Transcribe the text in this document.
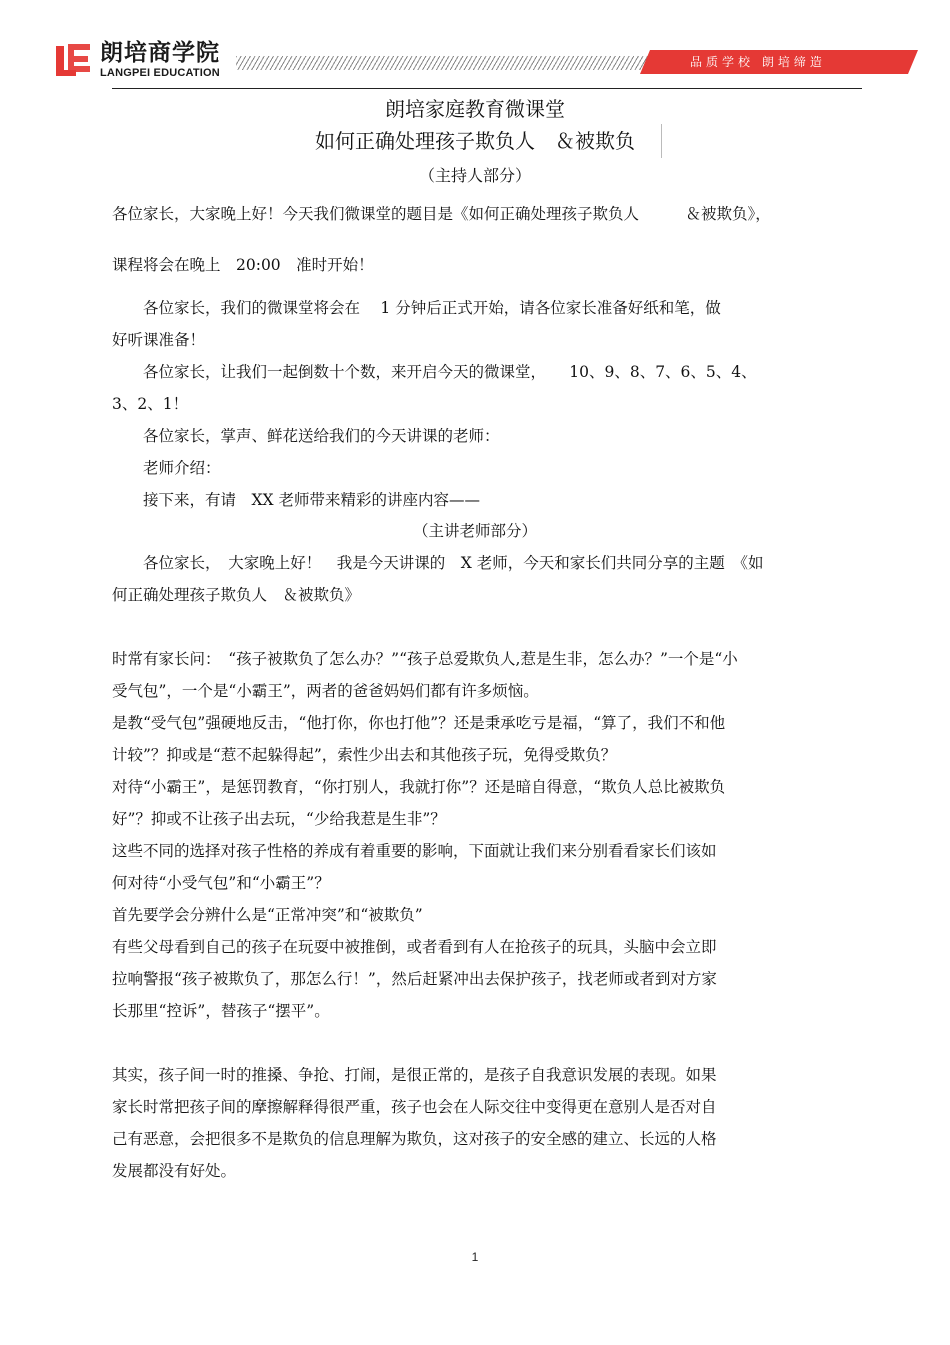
朗培商学院
LANGPEI EDUCATION
品质学校 朗培缔造
朗培家庭教育微课堂
如何正确处理孩子欺负人　＆被欺负
（主持人部分）

各位家长，大家晚上好！今天我们微课堂的题目是《如何正确处理孩子欺负人　　　＆被欺负》，

课程将会在晚上　20:00　准时开始！

　　各位家长，我们的微课堂将会在　 1 分钟后正式开始，请各位家长准备好纸和笔，做

好听课准备！

　　各位家长，让我们一起倒数十个数，来开启今天的微课堂，　　10、9、8、7、6、5、4、

3、2、1！

　　各位家长，掌声、鲜花送给我们的今天讲课的老师：

　　老师介绍：

　　接下来，有请　XX 老师带来精彩的讲座内容——

（主讲老师部分）

　　各位家长，　大家晚上好！　我是今天讲课的　X 老师，今天和家长们共同分享的主题　《如

何正确处理孩子欺负人　＆被欺负》

时常有家长问：　“孩子被欺负了怎么办？”“孩子总爱欺负人,惹是生非，怎么办？”一个是“小

受气包”，一个是“小霸王”，两者的爸爸妈妈们都有许多烦恼。

是教“受气包”强硬地反击，“他打你，你也打他”？还是秉承吃亏是福，“算了，我们不和他

计较”？抑或是“惹不起躲得起”，索性少出去和其他孩子玩，免得受欺负？

对待“小霸王”，是惩罚教育，“你打别人，我就打你”？还是暗自得意，“欺负人总比被欺负

好”？抑或不让孩子出去玩，“少给我惹是生非”？

这些不同的选择对孩子性格的养成有着重要的影响，下面就让我们来分别看看家长们该如

何对待“小受气包”和“小霸王”？

首先要学会分辨什么是“正常冲突”和“被欺负”

有些父母看到自己的孩子在玩耍中被推倒，或者看到有人在抢孩子的玩具，头脑中会立即

拉响警报“孩子被欺负了，那怎么行！”，然后赶紧冲出去保护孩子，找老师或者到对方家

长那里“控诉”，替孩子“摆平”。

其实，孩子间一时的推搡、争抢、打闹，是很正常的，是孩子自我意识发展的表现。如果

家长时常把孩子间的摩擦解释得很严重，孩子也会在人际交往中变得更在意别人是否对自

己有恶意，会把很多不是欺负的信息理解为欺负，这对孩子的安全感的建立、长远的人格

发展都没有好处。

1
